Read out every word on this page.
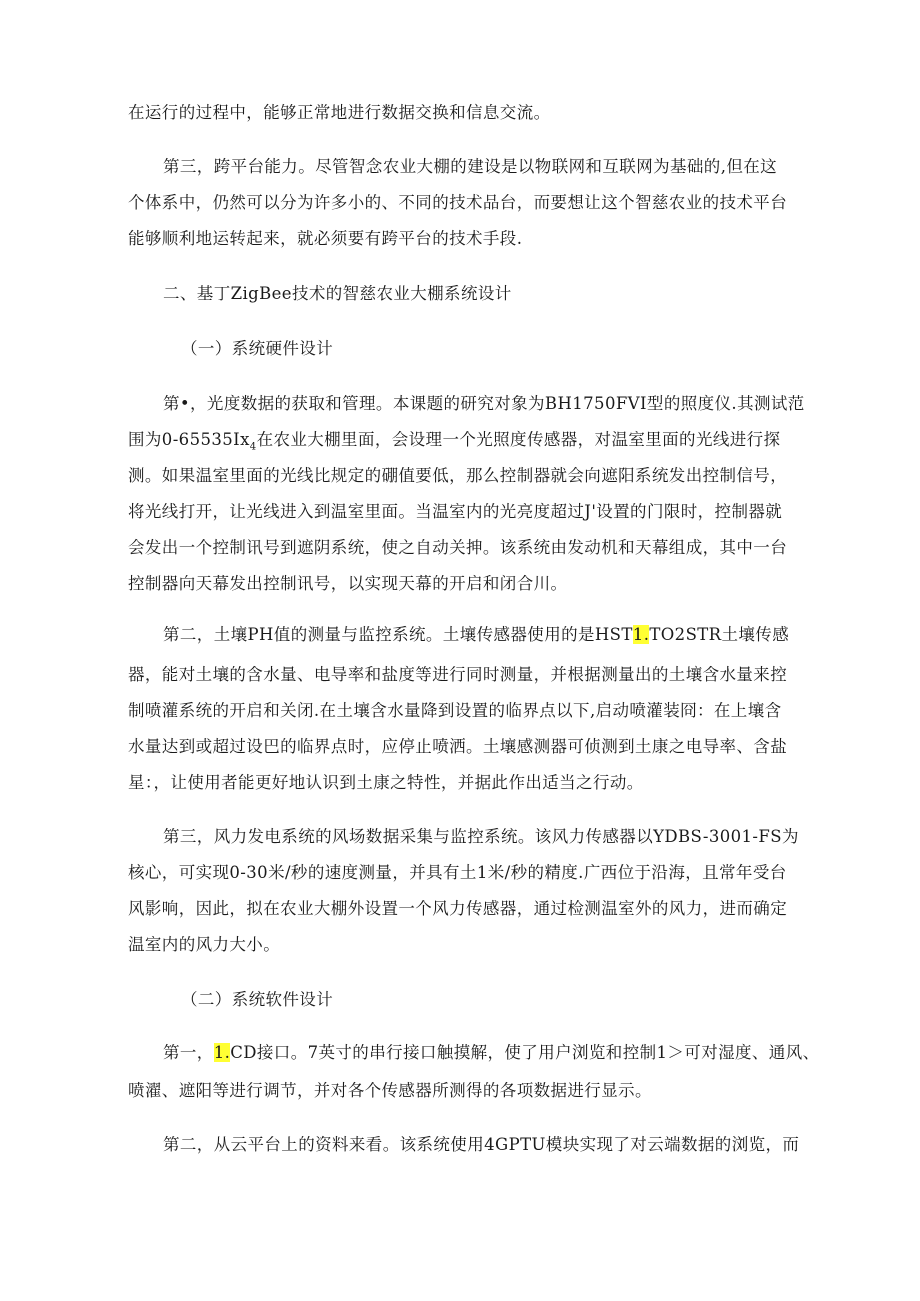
在运行的过程中，能够正常地进行数据交换和信息交流。
第三，跨平台能力。尽管智念农业大棚的建设是以物联网和互联网为基础的,但在这
个体系中，仍然可以分为许多小的、不同的技术品台，而要想让这个智慈农业的技术平台
能够顺利地运转起来，就必须要有跨平台的技术手段.
二、基丁ZigBee技术的智慈农业大棚系统设计
（一）系统硬件设计
第•，光度数据的获取和管理。本课题的研究对象为BH1750FVI型的照度仪.其测试范
围为$0-65535Ix_4$在农业大棚里面，会设理一个光照度传感器，对温室里面的光线进行探
测。如果温室里面的光线比规定的硼值要低，那么控制器就会向遮阳系统发出控制信号，
将光线打开，让光线进入到温室里面。当温室内的光亮度超过J'设置的门限时，控制器就
会发出一个控制讯号到遮阴系统，使之自动关抻。该系统由发动机和天幕组成，其中一台
控制器向天幕发出控制讯号，以实现天幕的开启和闭合川。
第二，土壤PH值的测量与监控系统。土壤传感器使用的是HST1.TO2STR土壤传感
器，能对土壤的含水量、电导率和盐度等进行同时测量，并根据测量出的土壤含水量来控
制喷灌系统的开启和关闭.在土壤含水量降到设置的临界点以下,启动喷灌装冏：在上壤含
水量达到或超过设巴的临界点时，应停止喷洒。土壤感测器可侦测到土康之电导率、含盐
星：，让使用者能更好地认识到土康之特性，并据此作出适当之行动。
第三，风力发电系统的风场数据采集与监控系统。该风力传感器以YDBS-3001-FS为
核心，可实现0-30米/秒的速度测量，并具有土1米/秒的精度.广西位于沿海，且常年受台
风影响，因此，拟在农业大棚外设置一个风力传感器，通过检测温室外的风力，进而确定
温室内的风力大小。
（二）系统软件设计
第一，1.CD接口。7英寸的串行接口触摸解，使了用户浏览和控制1＞可对湿度、通风、
喷濯、遮阳等进行调节，并对各个传感器所测得的各项数据进行显示。
第二，从云平台上的资料来看。该系统使用4GPTU模块实现了对云端数据的浏览，而
